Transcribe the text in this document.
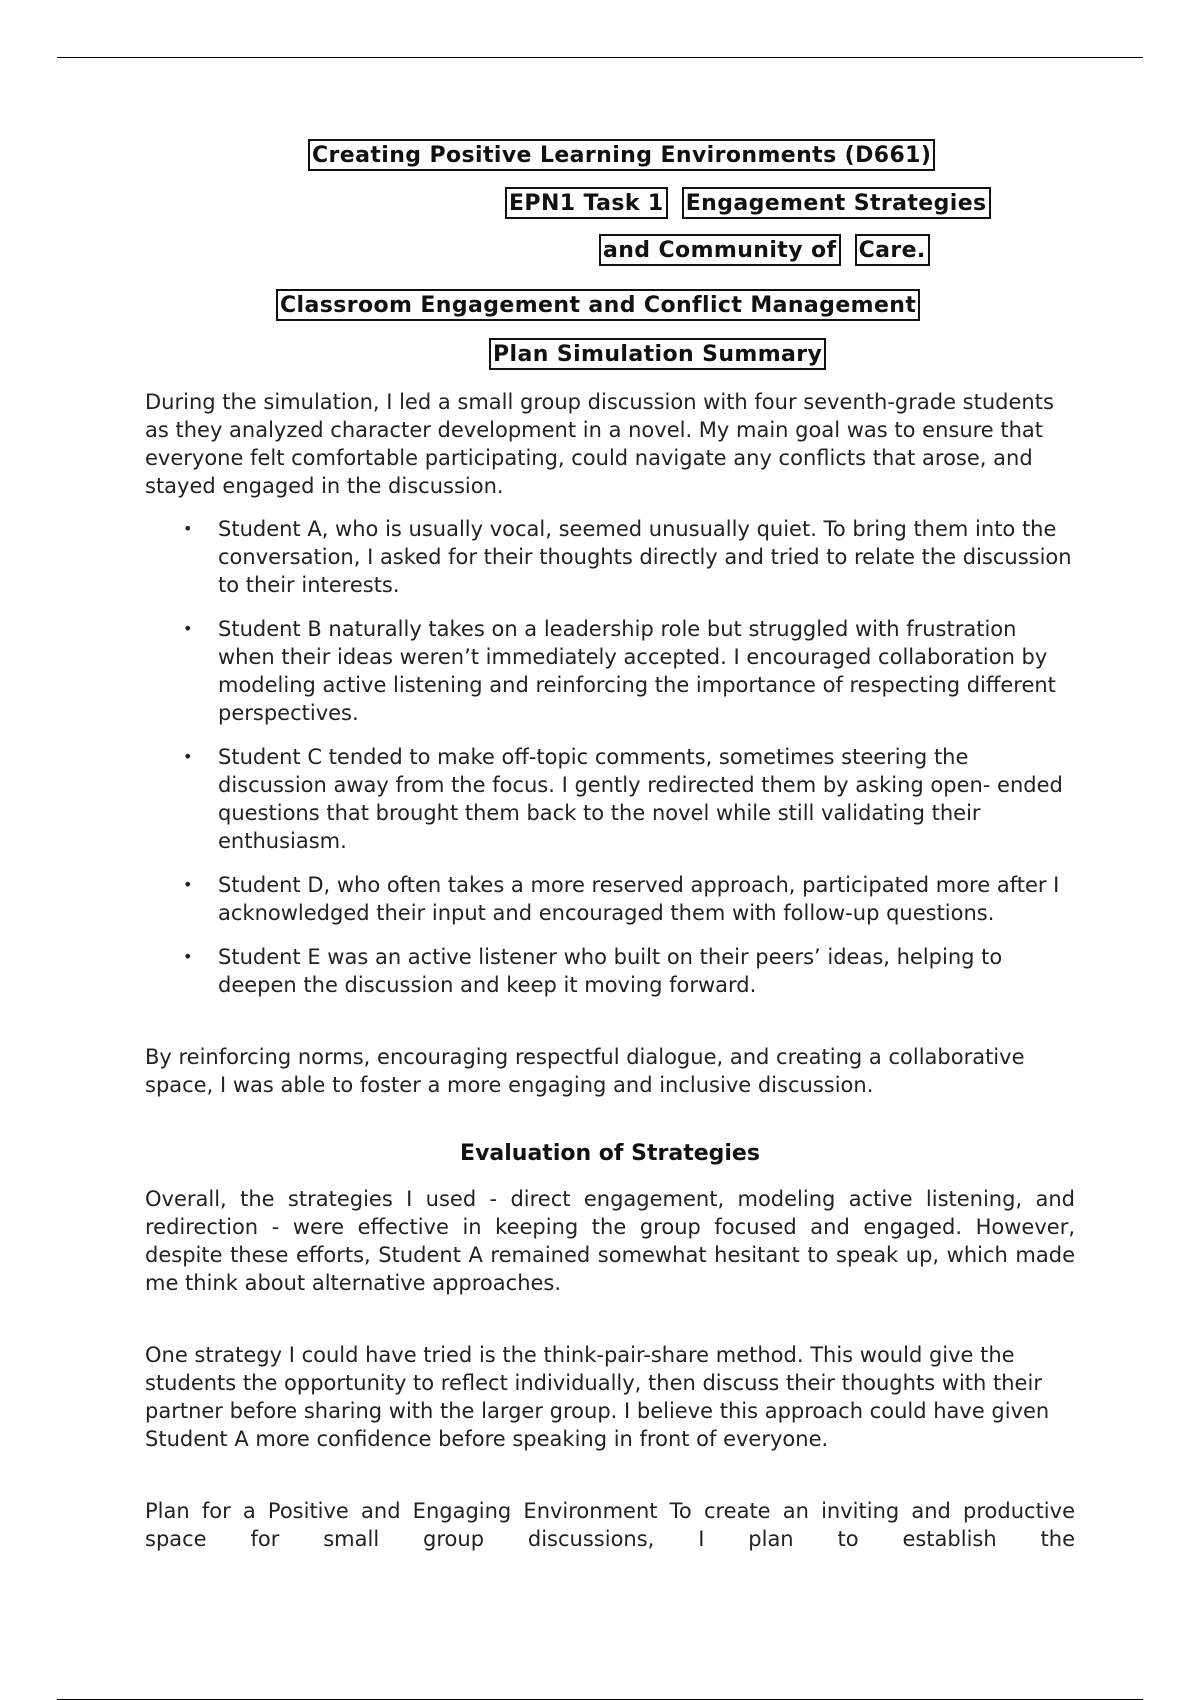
Creating Positive Learning Environments (D661)
EPN1 Task 1 Engagement Strategies
and Community of Care.
Classroom Engagement and Conflict Management
Plan Simulation Summary

During the simulation, I led a small group discussion with four seventh-grade students as they analyzed character development in a novel. My main goal was to ensure that everyone felt comfortable participating, could navigate any conflicts that arose, and stayed engaged in the discussion.

• Student A, who is usually vocal, seemed unusually quiet. To bring them into the conversation, I asked for their thoughts directly and tried to relate the discussion to their interests.
• Student B naturally takes on a leadership role but struggled with frustration when their ideas weren’t immediately accepted. I encouraged collaboration by modeling active listening and reinforcing the importance of respecting different perspectives.
• Student C tended to make off-topic comments, sometimes steering the discussion away from the focus. I gently redirected them by asking open- ended questions that brought them back to the novel while still validating their enthusiasm.
• Student D, who often takes a more reserved approach, participated more after I acknowledged their input and encouraged them with follow-up questions.
• Student E was an active listener who built on their peers’ ideas, helping to deepen the discussion and keep it moving forward.

By reinforcing norms, encouraging respectful dialogue, and creating a collaborative space, I was able to foster a more engaging and inclusive discussion.

Evaluation of Strategies

Overall, the strategies I used - direct engagement, modeling active listening, and redirection - were effective in keeping the group focused and engaged. However, despite these efforts, Student A remained somewhat hesitant to speak up, which made me think about alternative approaches.

One strategy I could have tried is the think-pair-share method. This would give the students the opportunity to reflect individually, then discuss their thoughts with their partner before sharing with the larger group. I believe this approach could have given Student A more confidence before speaking in front of everyone.

Plan for a Positive and Engaging Environment To create an inviting and productive space for small group discussions, I plan to establish the
